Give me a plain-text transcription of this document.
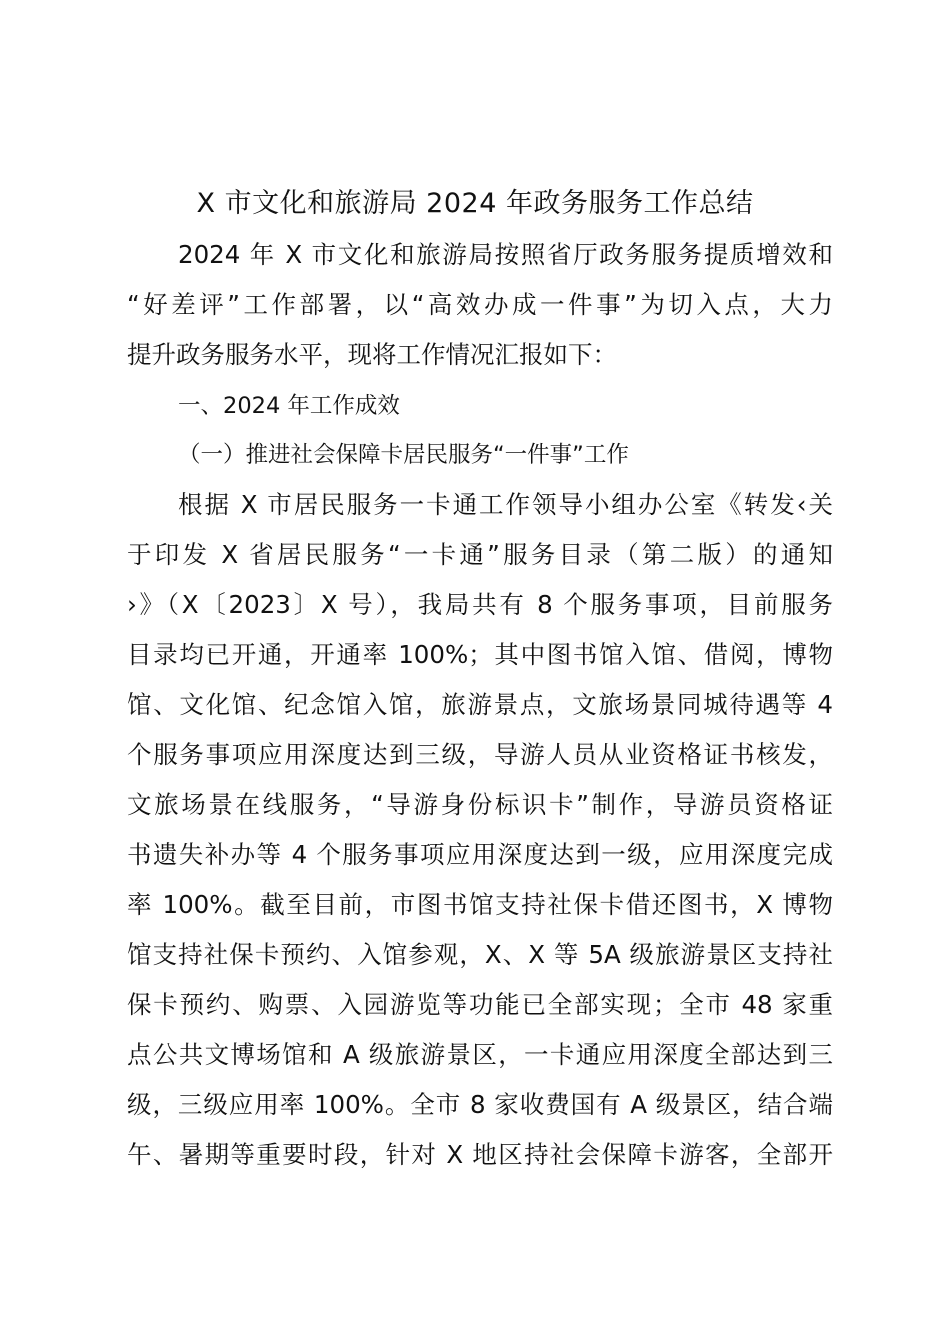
X 市文化和旅游局 2024 年政务服务工作总结
2024 年 X 市文化和旅游局按照省厅政务服务提质增效和
“好差评”工作部署，以“高效办成一件事”为切入点，大力
提升政务服务水平，现将工作情况汇报如下：
一、2024 年工作成效
（一）推进社会保障卡居民服务“一件事”工作
根据 X 市居民服务一卡通工作领导小组办公室《转发‹关
于印发 X 省居民服务“一卡通”服务目录（第二版）的通知
›》（X〔2023〕X 号），我局共有 8 个服务事项，目前服务
目录均已开通，开通率 100%；其中图书馆入馆、借阅，博物
馆、文化馆、纪念馆入馆，旅游景点，文旅场景同城待遇等 4
个服务事项应用深度达到三级，导游人员从业资格证书核发，
文旅场景在线服务，“导游身份标识卡”制作，导游员资格证
书遗失补办等 4 个服务事项应用深度达到一级，应用深度完成
率 100%。截至目前，市图书馆支持社保卡借还图书，X 博物
馆支持社保卡预约、入馆参观，X、X 等 5A 级旅游景区支持社
保卡预约、购票、入园游览等功能已全部实现；全市 48 家重
点公共文博场馆和 A 级旅游景区，一卡通应用深度全部达到三
级，三级应用率 100%。全市 8 家收费国有 A 级景区，结合端
午、暑期等重要时段，针对 X 地区持社会保障卡游客，全部开
